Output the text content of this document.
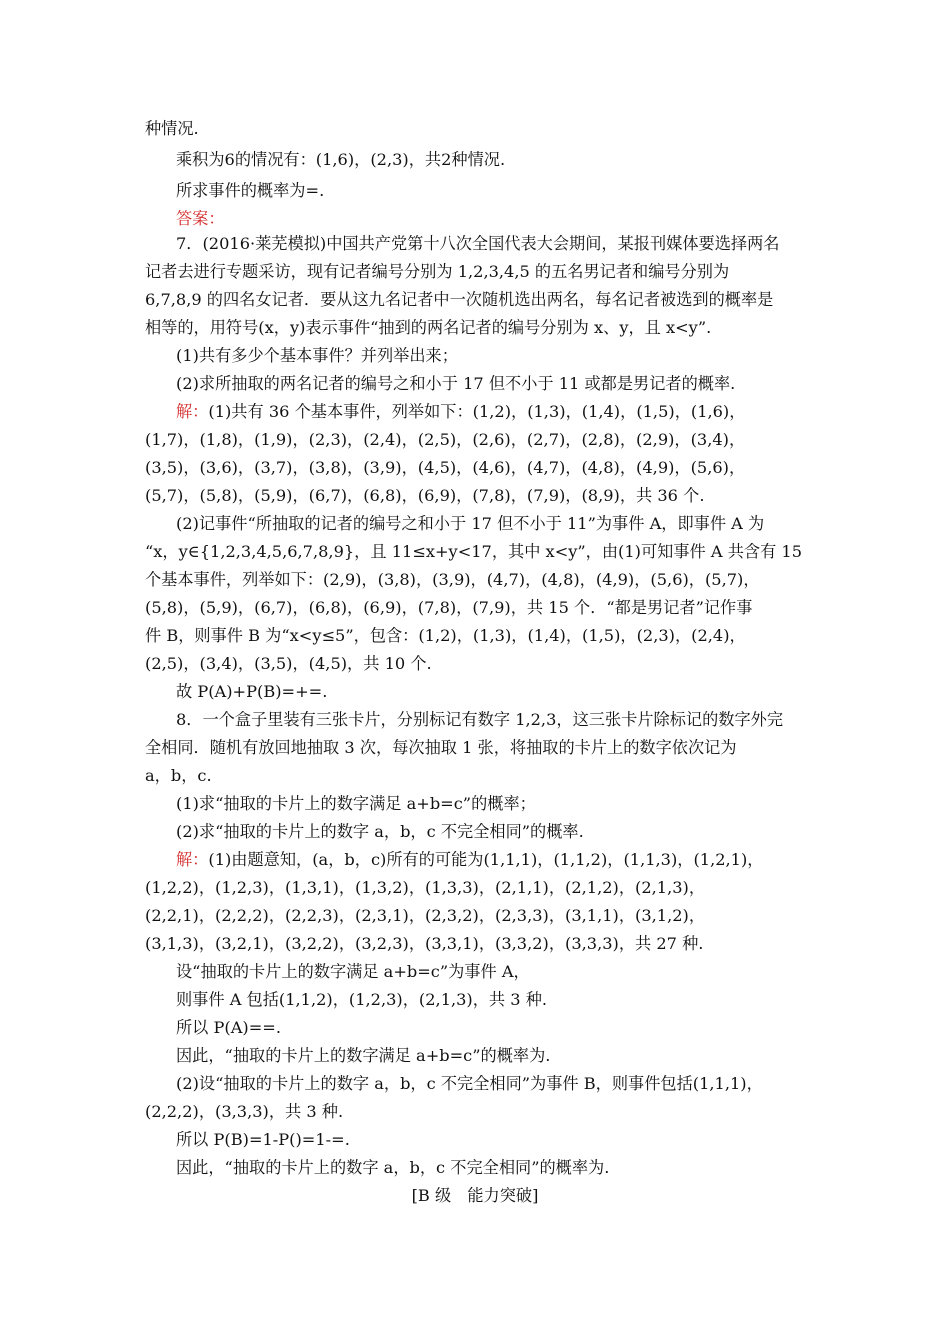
种情况.
乘积为6的情况有：(1,6)，(2,3)，共2种情况.
所求事件的概率为=.
答案：
7．(2016·莱芜模拟)中国共产党第十八次全国代表大会期间，某报刊媒体要选择两名
记者去进行专题采访，现有记者编号分别为 1,2,3,4,5 的五名男记者和编号分别为
6,7,8,9 的四名女记者．要从这九名记者中一次随机选出两名，每名记者被选到的概率是
相等的，用符号(x，y)表示事件“抽到的两名记者的编号分别为 x、y，且 x<y”.
(1)共有多少个基本事件？并列举出来；
(2)求所抽取的两名记者的编号之和小于 17 但不小于 11 或都是男记者的概率.
解：(1)共有 36 个基本事件，列举如下：(1,2)，(1,3)，(1,4)，(1,5)，(1,6)，
(1,7)，(1,8)，(1,9)，(2,3)，(2,4)，(2,5)，(2,6)，(2,7)，(2,8)，(2,9)，(3,4)，
(3,5)，(3,6)，(3,7)，(3,8)，(3,9)，(4,5)，(4,6)，(4,7)，(4,8)，(4,9)，(5,6)，
(5,7)，(5,8)，(5,9)，(6,7)，(6,8)，(6,9)，(7,8)，(7,9)，(8,9)，共 36 个.
(2)记事件“所抽取的记者的编号之和小于 17 但不小于 11”为事件 A，即事件 A 为
“x，y∈{1,2,3,4,5,6,7,8,9}，且 11≤x+y<17，其中 x<y”，由(1)可知事件 A 共含有 15
个基本事件，列举如下：(2,9)，(3,8)，(3,9)，(4,7)，(4,8)，(4,9)，(5,6)，(5,7)，
(5,8)，(5,9)，(6,7)，(6,8)，(6,9)，(7,8)，(7,9)，共 15 个．“都是男记者”记作事
件 B，则事件 B 为“x<y≤5”，包含：(1,2)，(1,3)，(1,4)，(1,5)，(2,3)，(2,4)，
(2,5)，(3,4)，(3,5)，(4,5)，共 10 个.
故 P(A)+P(B)=+=.
8．一个盒子里装有三张卡片，分别标记有数字 1,2,3，这三张卡片除标记的数字外完
全相同．随机有放回地抽取 3 次，每次抽取 1 张，将抽取的卡片上的数字依次记为
a，b，c.
(1)求“抽取的卡片上的数字满足 a+b=c”的概率；
(2)求“抽取的卡片上的数字 a，b，c 不完全相同”的概率.
解：(1)由题意知，(a，b，c)所有的可能为(1,1,1)，(1,1,2)，(1,1,3)，(1,2,1)，
(1,2,2)，(1,2,3)，(1,3,1)，(1,3,2)，(1,3,3)，(2,1,1)，(2,1,2)，(2,1,3)，
(2,2,1)，(2,2,2)，(2,2,3)，(2,3,1)，(2,3,2)，(2,3,3)，(3,1,1)，(3,1,2)，
(3,1,3)，(3,2,1)，(3,2,2)，(3,2,3)，(3,3,1)，(3,3,2)，(3,3,3)，共 27 种.
设“抽取的卡片上的数字满足 a+b=c”为事件 A，
则事件 A 包括(1,1,2)，(1,2,3)，(2,1,3)，共 3 种.
所以 P(A)==.
因此，“抽取的卡片上的数字满足 a+b=c”的概率为.
(2)设“抽取的卡片上的数字 a，b，c 不完全相同”为事件 B，则事件包括(1,1,1)，
(2,2,2)，(3,3,3)，共 3 种.
所以 P(B)=1-P()=1-=.
因此，“抽取的卡片上的数字 a，b，c 不完全相同”的概率为.
[B 级　能力突破]
